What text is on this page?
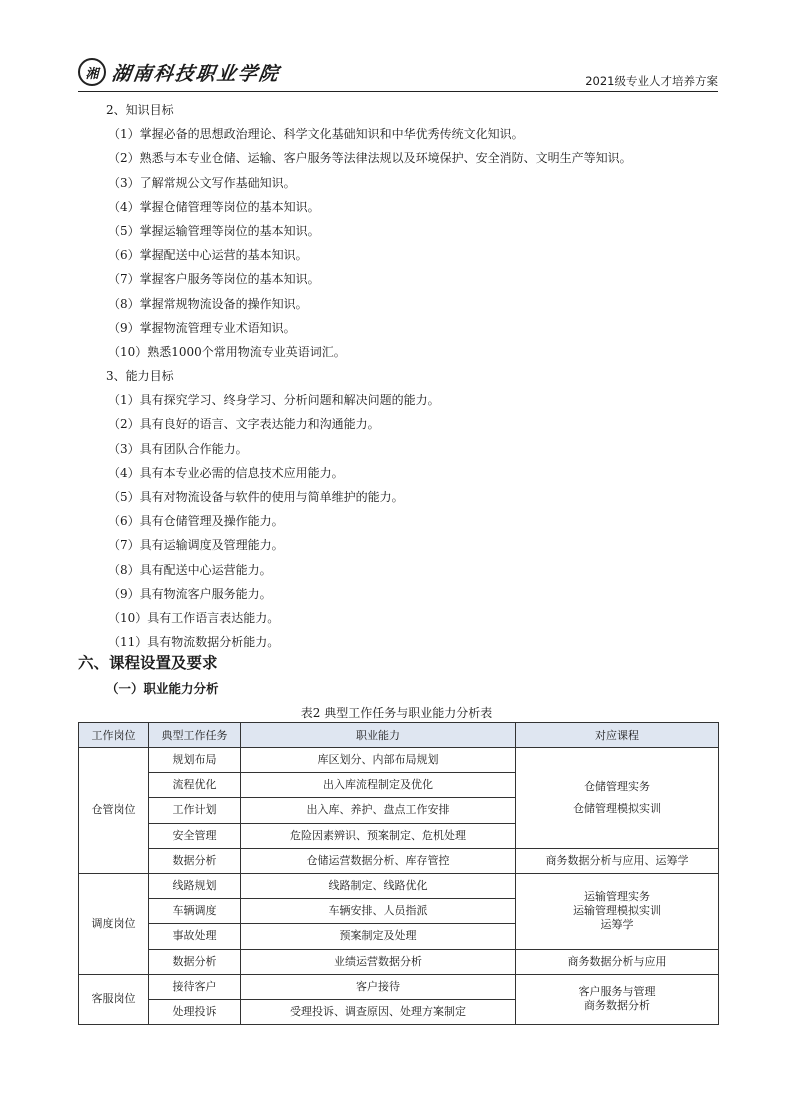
湘 湖南科技职业学院	2021级专业人才培养方案
2、知识目标
（1）掌握必备的思想政治理论、科学文化基础知识和中华优秀传统文化知识。
（2）熟悉与本专业仓储、运输、客户服务等法律法规以及环境保护、安全消防、文明生产等知识。
（3）了解常规公文写作基础知识。
（4）掌握仓储管理等岗位的基本知识。
（5）掌握运输管理等岗位的基本知识。
（6）掌握配送中心运营的基本知识。
（7）掌握客户服务等岗位的基本知识。
（8）掌握常规物流设备的操作知识。
（9）掌握物流管理专业术语知识。
（10）熟悉1000个常用物流专业英语词汇。
3、能力目标
（1）具有探究学习、终身学习、分析问题和解决问题的能力。
（2）具有良好的语言、文字表达能力和沟通能力。
（3）具有团队合作能力。
（4）具有本专业必需的信息技术应用能力。
（5）具有对物流设备与软件的使用与简单维护的能力。
（6）具有仓储管理及操作能力。
（7）具有运输调度及管理能力。
（8）具有配送中心运营能力。
（9）具有物流客户服务能力。
（10）具有工作语言表达能力。
（11）具有物流数据分析能力。
六、课程设置及要求
（一）职业能力分析
表2 典型工作任务与职业能力分析表
工作岗位	典型工作任务	职业能力	对应课程
仓管岗位	规划布局	库区划分、内部布局规划	仓储管理实务
仓储管理模拟实训

	流程优化	出入库流程制定及优化	
	工作计划	出入库、养护、盘点工作安排	
	安全管理	危险因素辨识、预案制定、危机处理	
	数据分析	仓储运营数据分析、库存管控	商务数据分析与应用、运筹学
调度岗位	线路规划	线路制定、线路优化	运输管理实务
运输管理模拟实训
运筹学

	车辆调度	车辆安排、人员指派	
	事故处理	预案制定及处理	
	数据分析	业绩运营数据分析	商务数据分析与应用
客服岗位	接待客户	客户接待	客户服务与管理
商务数据分析

	处理投诉	受理投诉、调查原因、处理方案制定	
